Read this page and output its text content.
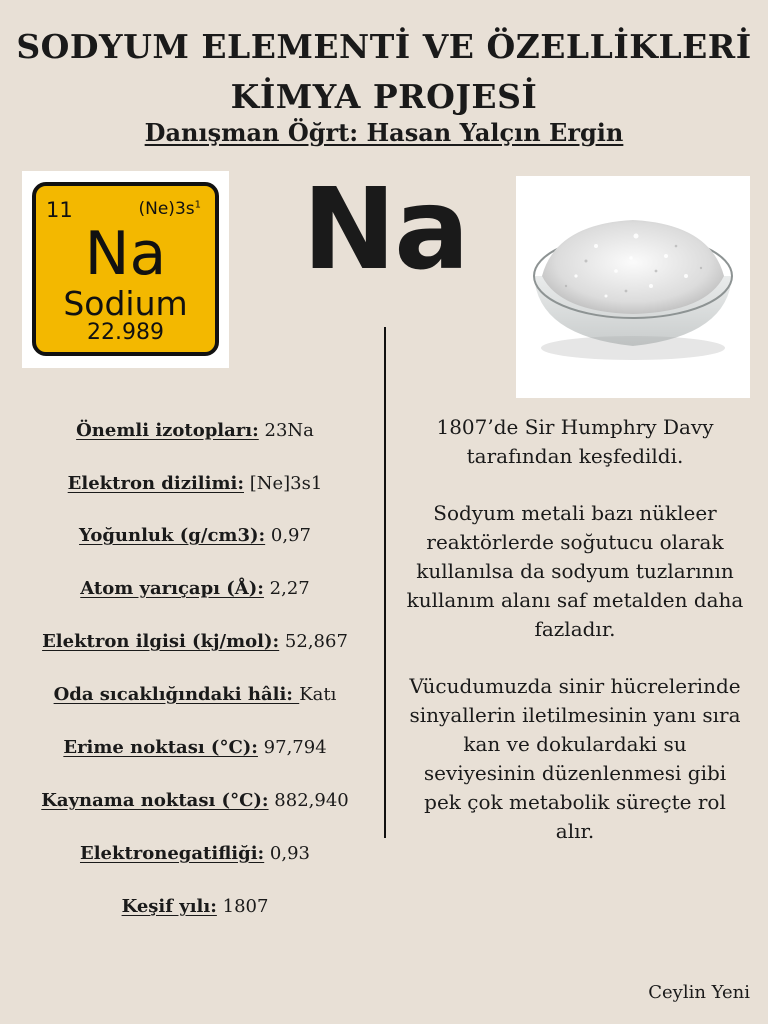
SODYUM ELEMENTİ VE ÖZELLİKLERİ
KİMYA PROJESİ
Danışman Öğrt: Hasan Yalçın Ergin
11	$(Ne)3s^1$
Na
Sodium
22.989
Na
Önemli izotopları: 23Na
Elektron dizilimi: [Ne]3s1
Yoğunluk (g/cm3): 0,97
Atom yarıçapı (Å): 2,27
Elektron ilgisi (kj/mol): 52,867
Oda sıcaklığındaki hâli: Katı
Erime noktası (°C): 97,794
Kaynama noktası (°C): 882,940
Elektronegatifliği: 0,93
Keşif yılı: 1807
1807’de Sir Humphry Davy tarafından keşfedildi.
Sodyum metali bazı nükleer reaktörlerde soğutucu olarak kullanılsa da sodyum tuzlarının kullanım alanı saf metalden daha fazladır.
Vücudumuzda sinir hücrelerinde sinyallerin iletilmesinin yanı sıra kan ve dokulardaki su seviyesinin düzenlenmesi gibi pek çok metabolik süreçte rol alır.
Ceylin Yeni
